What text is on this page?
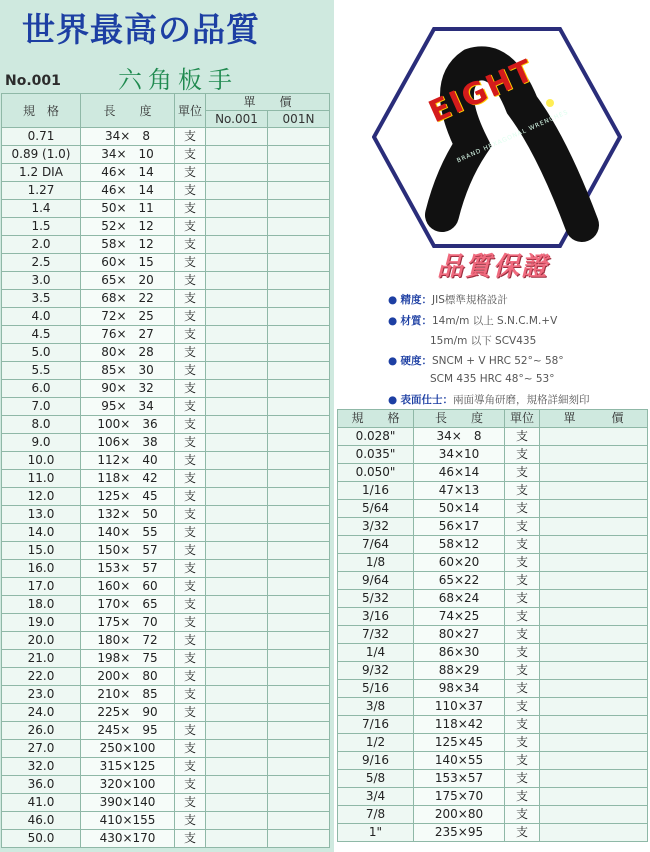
世界最高の品質
No.001 六角板手
規　格	長　　度	單位	單　　價	
			No.001	001N
0.71	34×　8	支		
0.89 (1.0)	34×　10	支		
1.2 DIA	46×　14	支		
1.27	46×　14	支		
1.4	50×　11	支		
1.5	52×　12	支		
2.0	58×　12	支		
2.5	60×　15	支		
3.0	65×　20	支		
3.5	68×　22	支		
4.0	72×　25	支		
4.5	76×　27	支		
5.0	80×　28	支		
5.5	85×　30	支		
6.0	90×　32	支		
7.0	95×　34	支		
8.0	100×　36	支		
9.0	106×　38	支		
10.0	112×　40	支		
11.0	118×　42	支		
12.0	125×　45	支		
13.0	132×　50	支		
14.0	140×　55	支		
15.0	150×　57	支		
16.0	153×　57	支		
17.0	160×　60	支		
18.0	170×　65	支		
19.0	175×　70	支		
20.0	180×　72	支		
21.0	198×　75	支		
22.0	200×　80	支		
23.0	210×　85	支		
24.0	225×　90	支		
26.0	245×　95	支		
27.0	250×100	支		
32.0	315×125	支		
36.0	320×100	支		
41.0	390×140	支		
46.0	410×155	支		
50.0	430×170	支		
EIGHT
BRAND HEXAGONAL WRENCHES
品質保證
● 精度：JIS標準規格設計
● 材質：14m/m 以上 S.N.C.M.+V
15m/m 以下 SCV435
● 硬度：SNCM + V HRC 52°~ 58°
SCM 435 HRC 48°~ 53°
● 表面仕士：兩面導角研磨，規格詳細刻印
規　　格	長　　度	單位	單　　　價
0.028"	34×　8	支	
0.035"	34×10	支	
0.050"	46×14	支	
1/16	47×13	支	
5/64	50×14	支	
3/32	56×17	支	
7/64	58×12	支	
1/8	60×20	支	
9/64	65×22	支	
5/32	68×24	支	
3/16	74×25	支	
7/32	80×27	支	
1/4	86×30	支	
9/32	88×29	支	
5/16	98×34	支	
3/8	110×37	支	
7/16	118×42	支	
1/2	125×45	支	
9/16	140×55	支	
5/8	153×57	支	
3/4	175×70	支	
7/8	200×80	支	
1"	235×95	支	
